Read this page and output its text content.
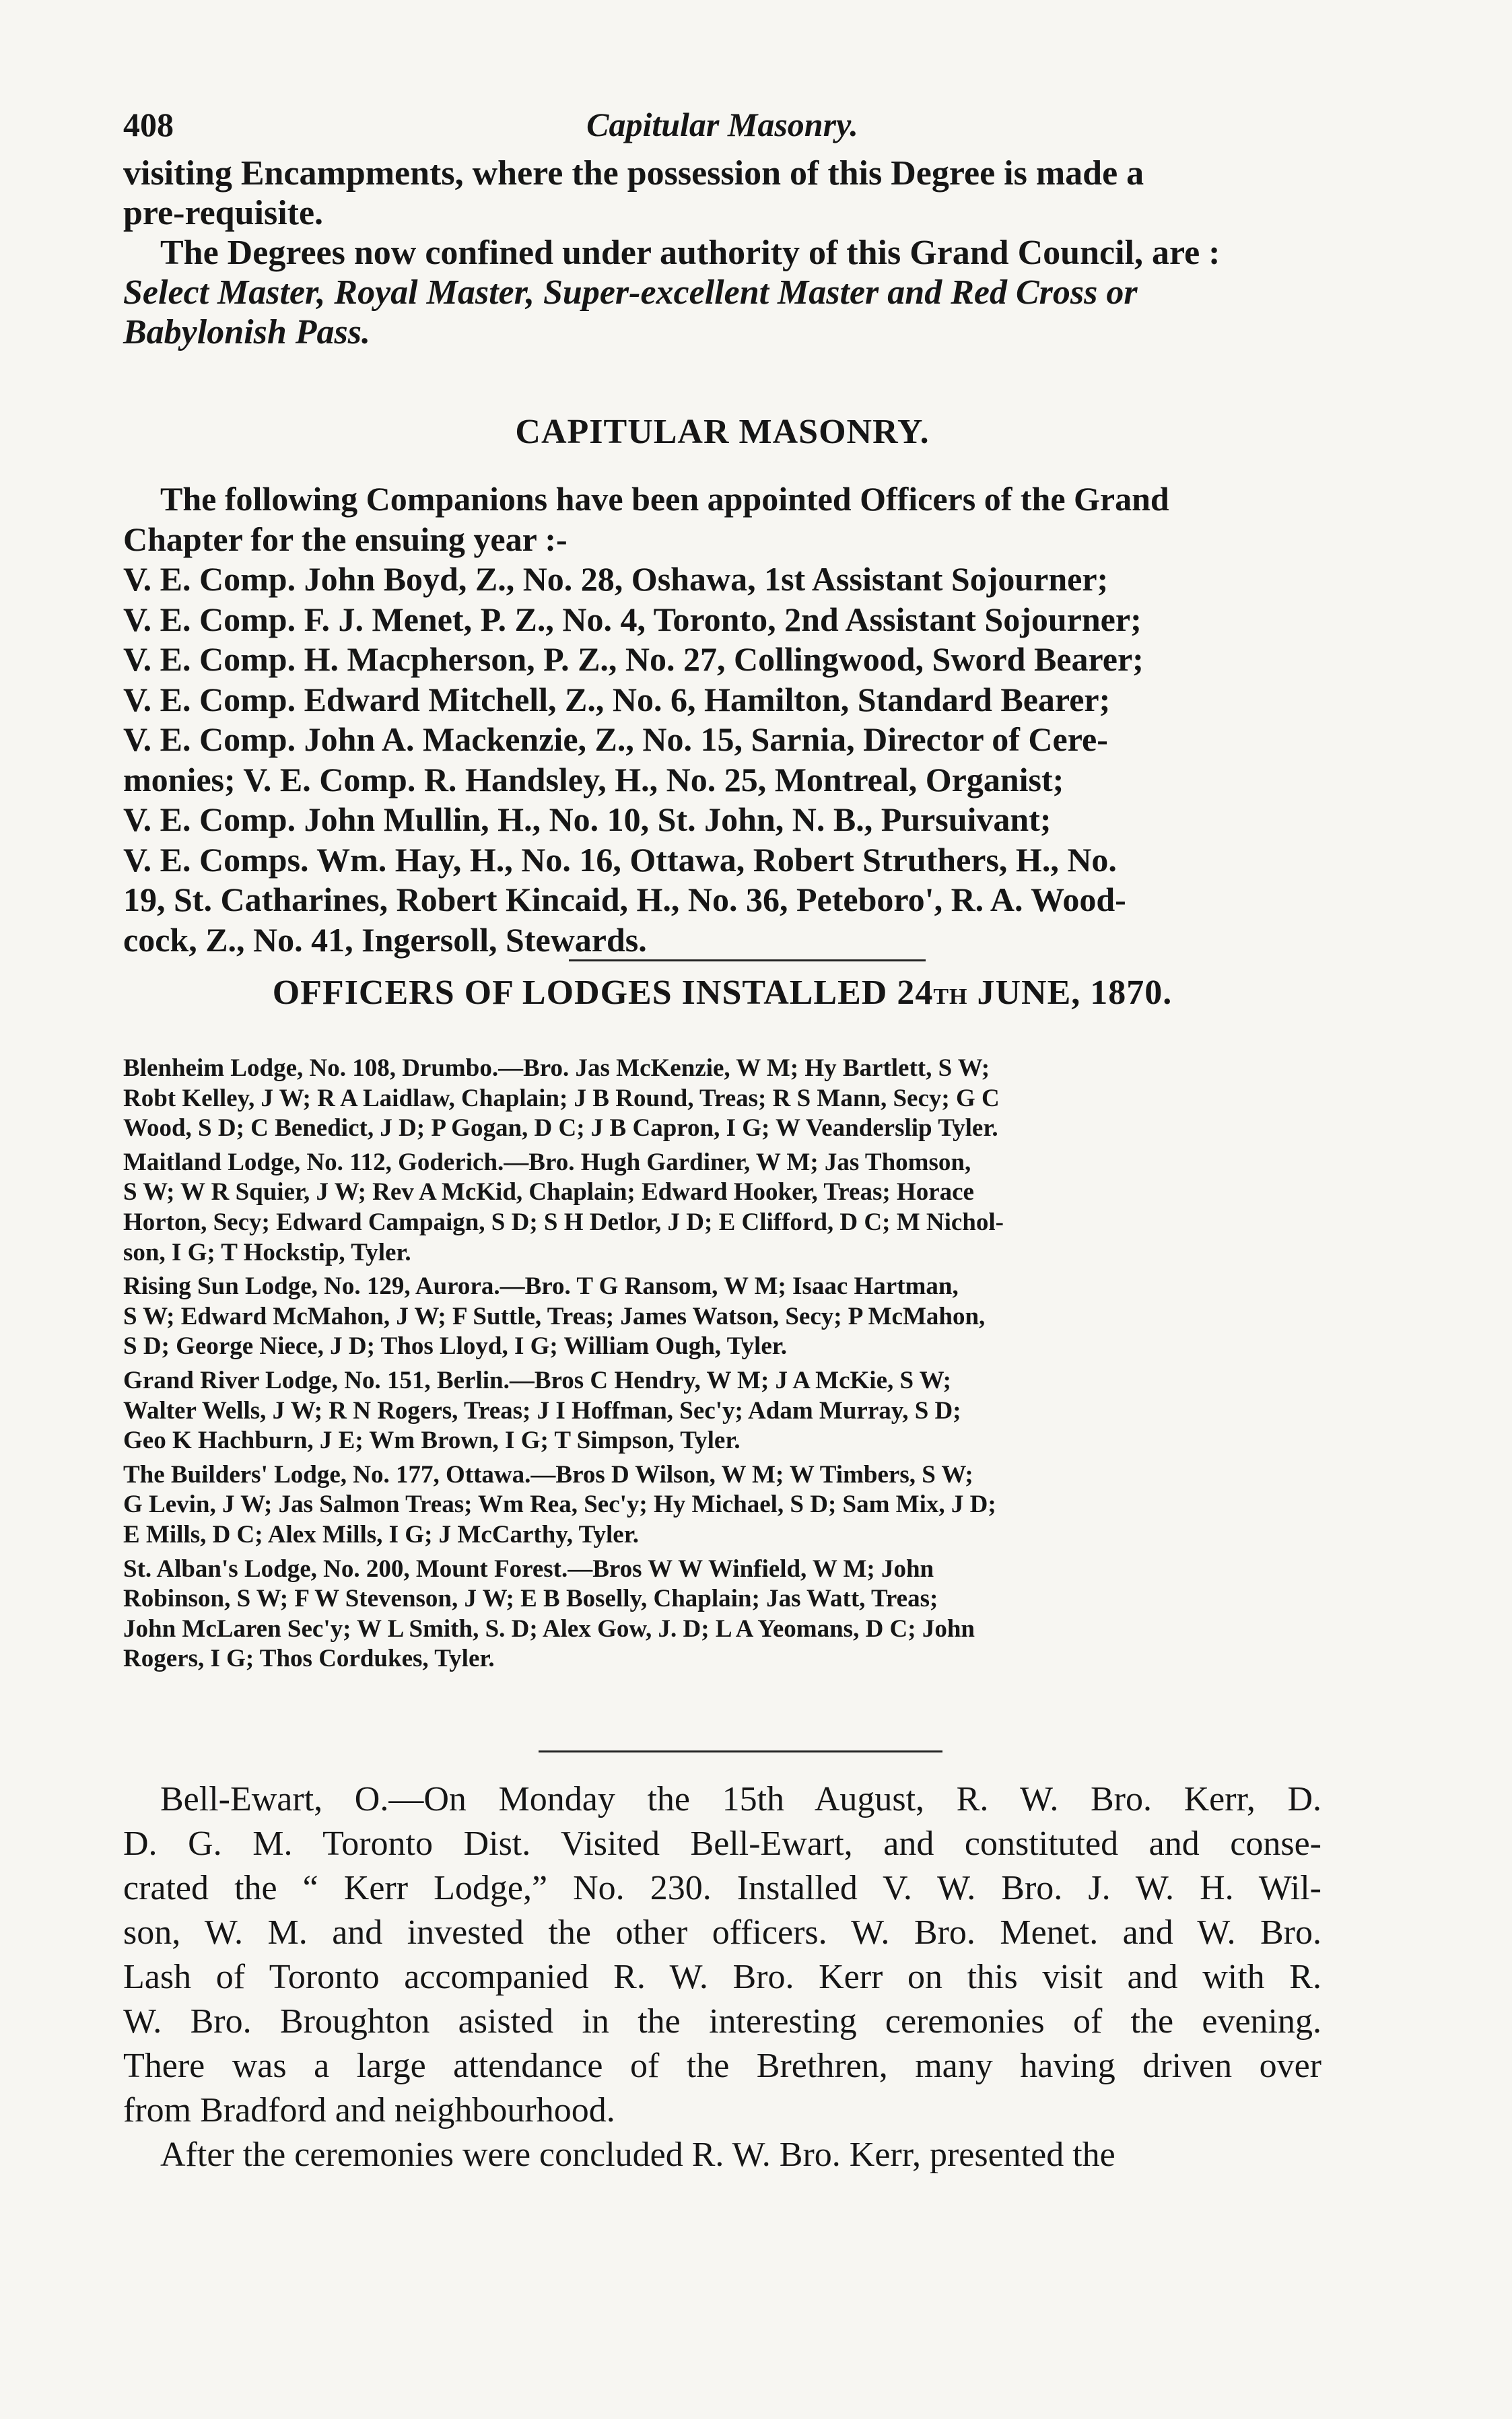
408	Capitular Masonry.
visiting Encampments, where the possession of this Degree is made a
pre-requisite.
The Degrees now confined under authority of this Grand Council, are :
Select Master, Royal Master, Super-excellent Master and Red Cross or
Babylonish Pass.
CAPITULAR MASONRY.
The following Companions have been appointed Officers of the Grand
Chapter for the ensuing year :-
V. E. Comp. John Boyd, Z., No. 28, Oshawa, 1st Assistant Sojourner;
V. E. Comp. F. J. Menet, P. Z., No. 4, Toronto, 2nd Assistant Sojourner;
V. E. Comp. H. Macpherson, P. Z., No. 27, Collingwood, Sword Bearer;
V. E. Comp. Edward Mitchell, Z., No. 6, Hamilton, Standard Bearer;
V. E. Comp. John A. Mackenzie, Z., No. 15, Sarnia, Director of Cere-
monies; V. E. Comp. R. Handsley, H., No. 25, Montreal, Organist;
V. E. Comp. John Mullin, H., No. 10, St. John, N. B., Pursuivant;
V. E. Comps. Wm. Hay, H., No. 16, Ottawa, Robert Struthers, H., No.
19, St. Catharines, Robert Kincaid, H., No. 36, Peteboro', R. A. Wood-
cock, Z., No. 41, Ingersoll, Stewards.
OFFICERS OF LODGES INSTALLED 24TH JUNE, 1870.
Blenheim Lodge, No. 108, Drumbo.—Bro. Jas McKenzie, W M; Hy Bartlett, S W;
Robt Kelley, J W; R A Laidlaw, Chaplain; J B Round, Treas; R S Mann, Secy; G C
Wood, S D; C Benedict, J D; P Gogan, D C; J B Capron, I G; W Veanderslip Tyler.
Maitland Lodge, No. 112, Goderich.—Bro. Hugh Gardiner, W M; Jas Thomson,
S W; W R Squier, J W; Rev A McKid, Chaplain; Edward Hooker, Treas; Horace
Horton, Secy; Edward Campaign, S D; S H Detlor, J D; E Clifford, D C; M Nichol-
son, I G; T Hockstip, Tyler.
Rising Sun Lodge, No. 129, Aurora.—Bro. T G Ransom, W M; Isaac Hartman,
S W; Edward McMahon, J W; F Suttle, Treas; James Watson, Secy; P McMahon,
S D; George Niece, J D; Thos Lloyd, I G; William Ough, Tyler.
Grand River Lodge, No. 151, Berlin.—Bros C Hendry, W M; J A McKie, S W;
Walter Wells, J W; R N Rogers, Treas; J I Hoffman, Sec'y; Adam Murray, S D;
Geo K Hachburn, J E; Wm Brown, I G; T Simpson, Tyler.
The Builders' Lodge, No. 177, Ottawa.—Bros D Wilson, W M; W Timbers, S W;
G Levin, J W; Jas Salmon Treas; Wm Rea, Sec'y; Hy Michael, S D; Sam Mix, J D;
E Mills, D C; Alex Mills, I G; J McCarthy, Tyler.
St. Alban's Lodge, No. 200, Mount Forest.—Bros W W Winfield, W M; John
Robinson, S W; F W Stevenson, J W; E B Boselly, Chaplain; Jas Watt, Treas;
John McLaren Sec'y; W L Smith, S. D; Alex Gow, J. D; L A Yeomans, D C; John
Rogers, I G; Thos Cordukes, Tyler.
Bell-Ewart, O.—On Monday the 15th August, R. W. Bro. Kerr, D.
D. G. M. Toronto Dist. Visited Bell-Ewart, and constituted and conse-
crated the “ Kerr Lodge,” No. 230. Installed V. W. Bro. J. W. H. Wil-
son, W. M. and invested the other officers. W. Bro. Menet. and W. Bro.
Lash of Toronto accompanied R. W. Bro. Kerr on this visit and with R.
W. Bro. Broughton asisted in the interesting ceremonies of the evening.
There was a large attendance of the Brethren, many having driven over
from Bradford and neighbourhood.
After the ceremonies were concluded R. W. Bro. Kerr, presented the
